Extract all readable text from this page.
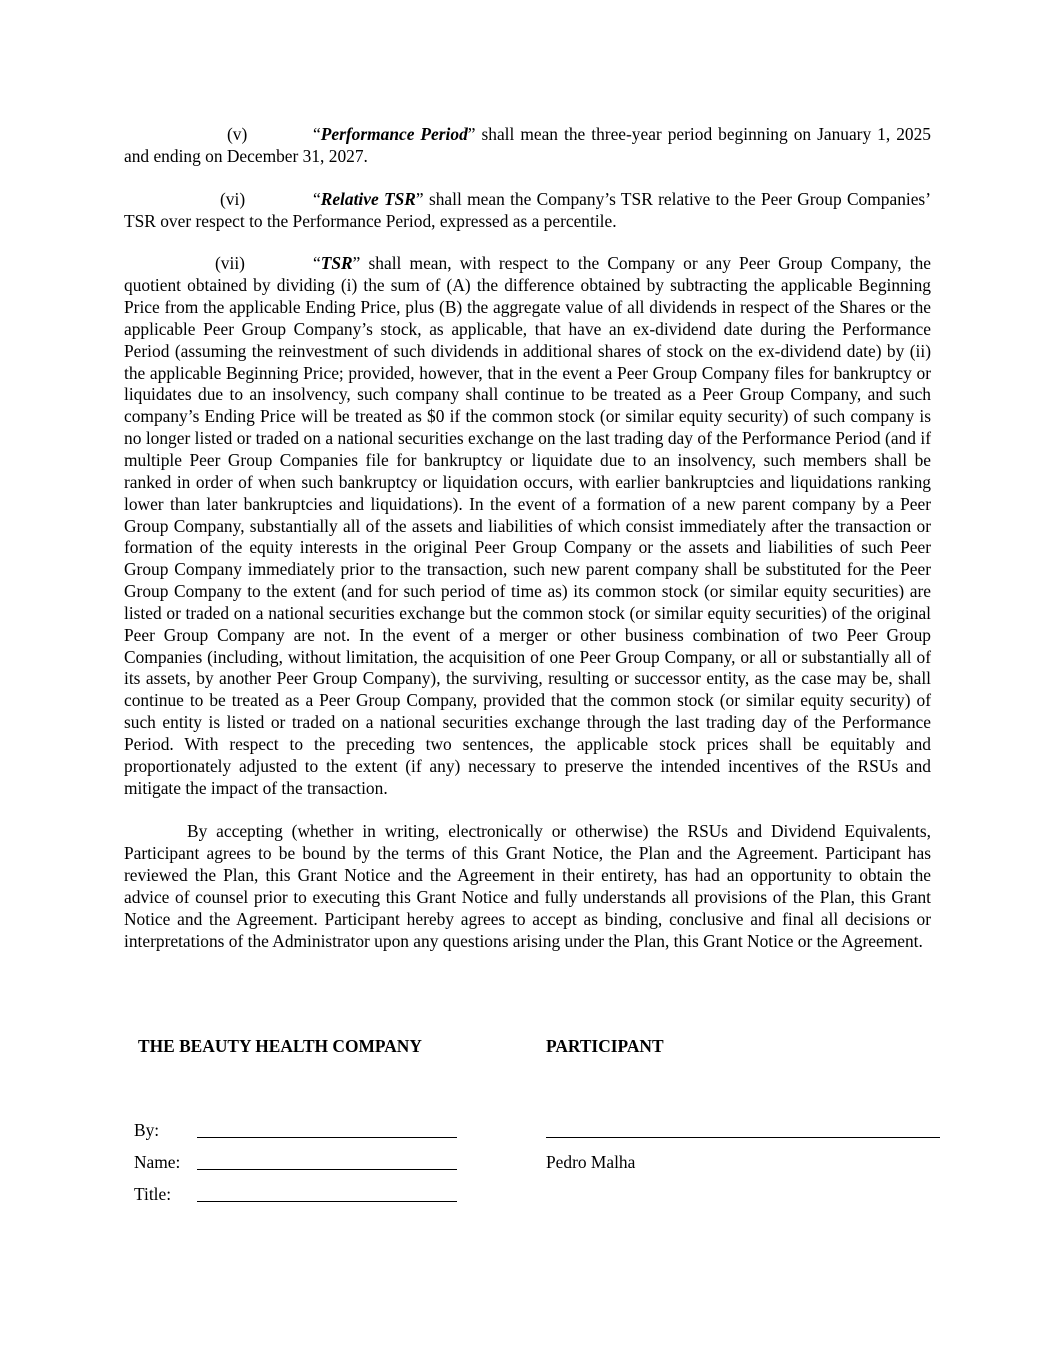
(v)	“Performance Period” shall mean the three-year period beginning on January 1, 2025 and ending on December 31, 2027.

(vi)	“Relative TSR” shall mean the Company’s TSR relative to the Peer Group Companies’ TSR over respect to the Performance Period, expressed as a percentile.

(vii)	“TSR” shall mean, with respect to the Company or any Peer Group Company, the quotient obtained by dividing (i) the sum of (A) the difference obtained by subtracting the applicable Beginning Price from the applicable Ending Price, plus (B) the aggregate value of all dividends in respect of the Shares or the applicable Peer Group Company’s stock, as applicable, that have an ex-dividend date during the Performance Period (assuming the reinvestment of such dividends in additional shares of stock on the ex-dividend date) by (ii) the applicable Beginning Price; provided, however, that in the event a Peer Group Company files for bankruptcy or liquidates due to an insolvency, such company shall continue to be treated as a Peer Group Company, and such company’s Ending Price will be treated as $0 if the common stock (or similar equity security) of such company is no longer listed or traded on a national securities exchange on the last trading day of the Performance Period (and if multiple Peer Group Companies file for bankruptcy or liquidate due to an insolvency, such members shall be ranked in order of when such bankruptcy or liquidation occurs, with earlier bankruptcies and liquidations ranking lower than later bankruptcies and liquidations). In the event of a formation of a new parent company by a Peer Group Company, substantially all of the assets and liabilities of which consist immediately after the transaction or formation of the equity interests in the original Peer Group Company or the assets and liabilities of such Peer Group Company immediately prior to the transaction, such new parent company shall be substituted for the Peer Group Company to the extent (and for such period of time as) its common stock (or similar equity securities) are listed or traded on a national securities exchange but the common stock (or similar equity securities) of the original Peer Group Company are not. In the event of a merger or other business combination of two Peer Group Companies (including, without limitation, the acquisition of one Peer Group Company, or all or substantially all of its assets, by another Peer Group Company), the surviving, resulting or successor entity, as the case may be, shall continue to be treated as a Peer Group Company, provided that the common stock (or similar equity security) of such entity is listed or traded on a national securities exchange through the last trading day of the Performance Period. With respect to the preceding two sentences, the applicable stock prices shall be equitably and proportionately adjusted to the extent (if any) necessary to preserve the intended incentives of the RSUs and mitigate the impact of the transaction.

By accepting (whether in writing, electronically or otherwise) the RSUs and Dividend Equivalents, Participant agrees to be bound by the terms of this Grant Notice, the Plan and the Agreement. Participant has reviewed the Plan, this Grant Notice and the Agreement in their entirety, has had an opportunity to obtain the advice of counsel prior to executing this Grant Notice and fully understands all provisions of the Plan, this Grant Notice and the Agreement. Participant hereby agrees to accept as binding, conclusive and final all decisions or interpretations of the Administrator upon any questions arising under the Plan, this Grant Notice or the Agreement.

THE BEAUTY HEALTH COMPANY	PARTICIPANT
By:
Name:	Pedro Malha
Title:
